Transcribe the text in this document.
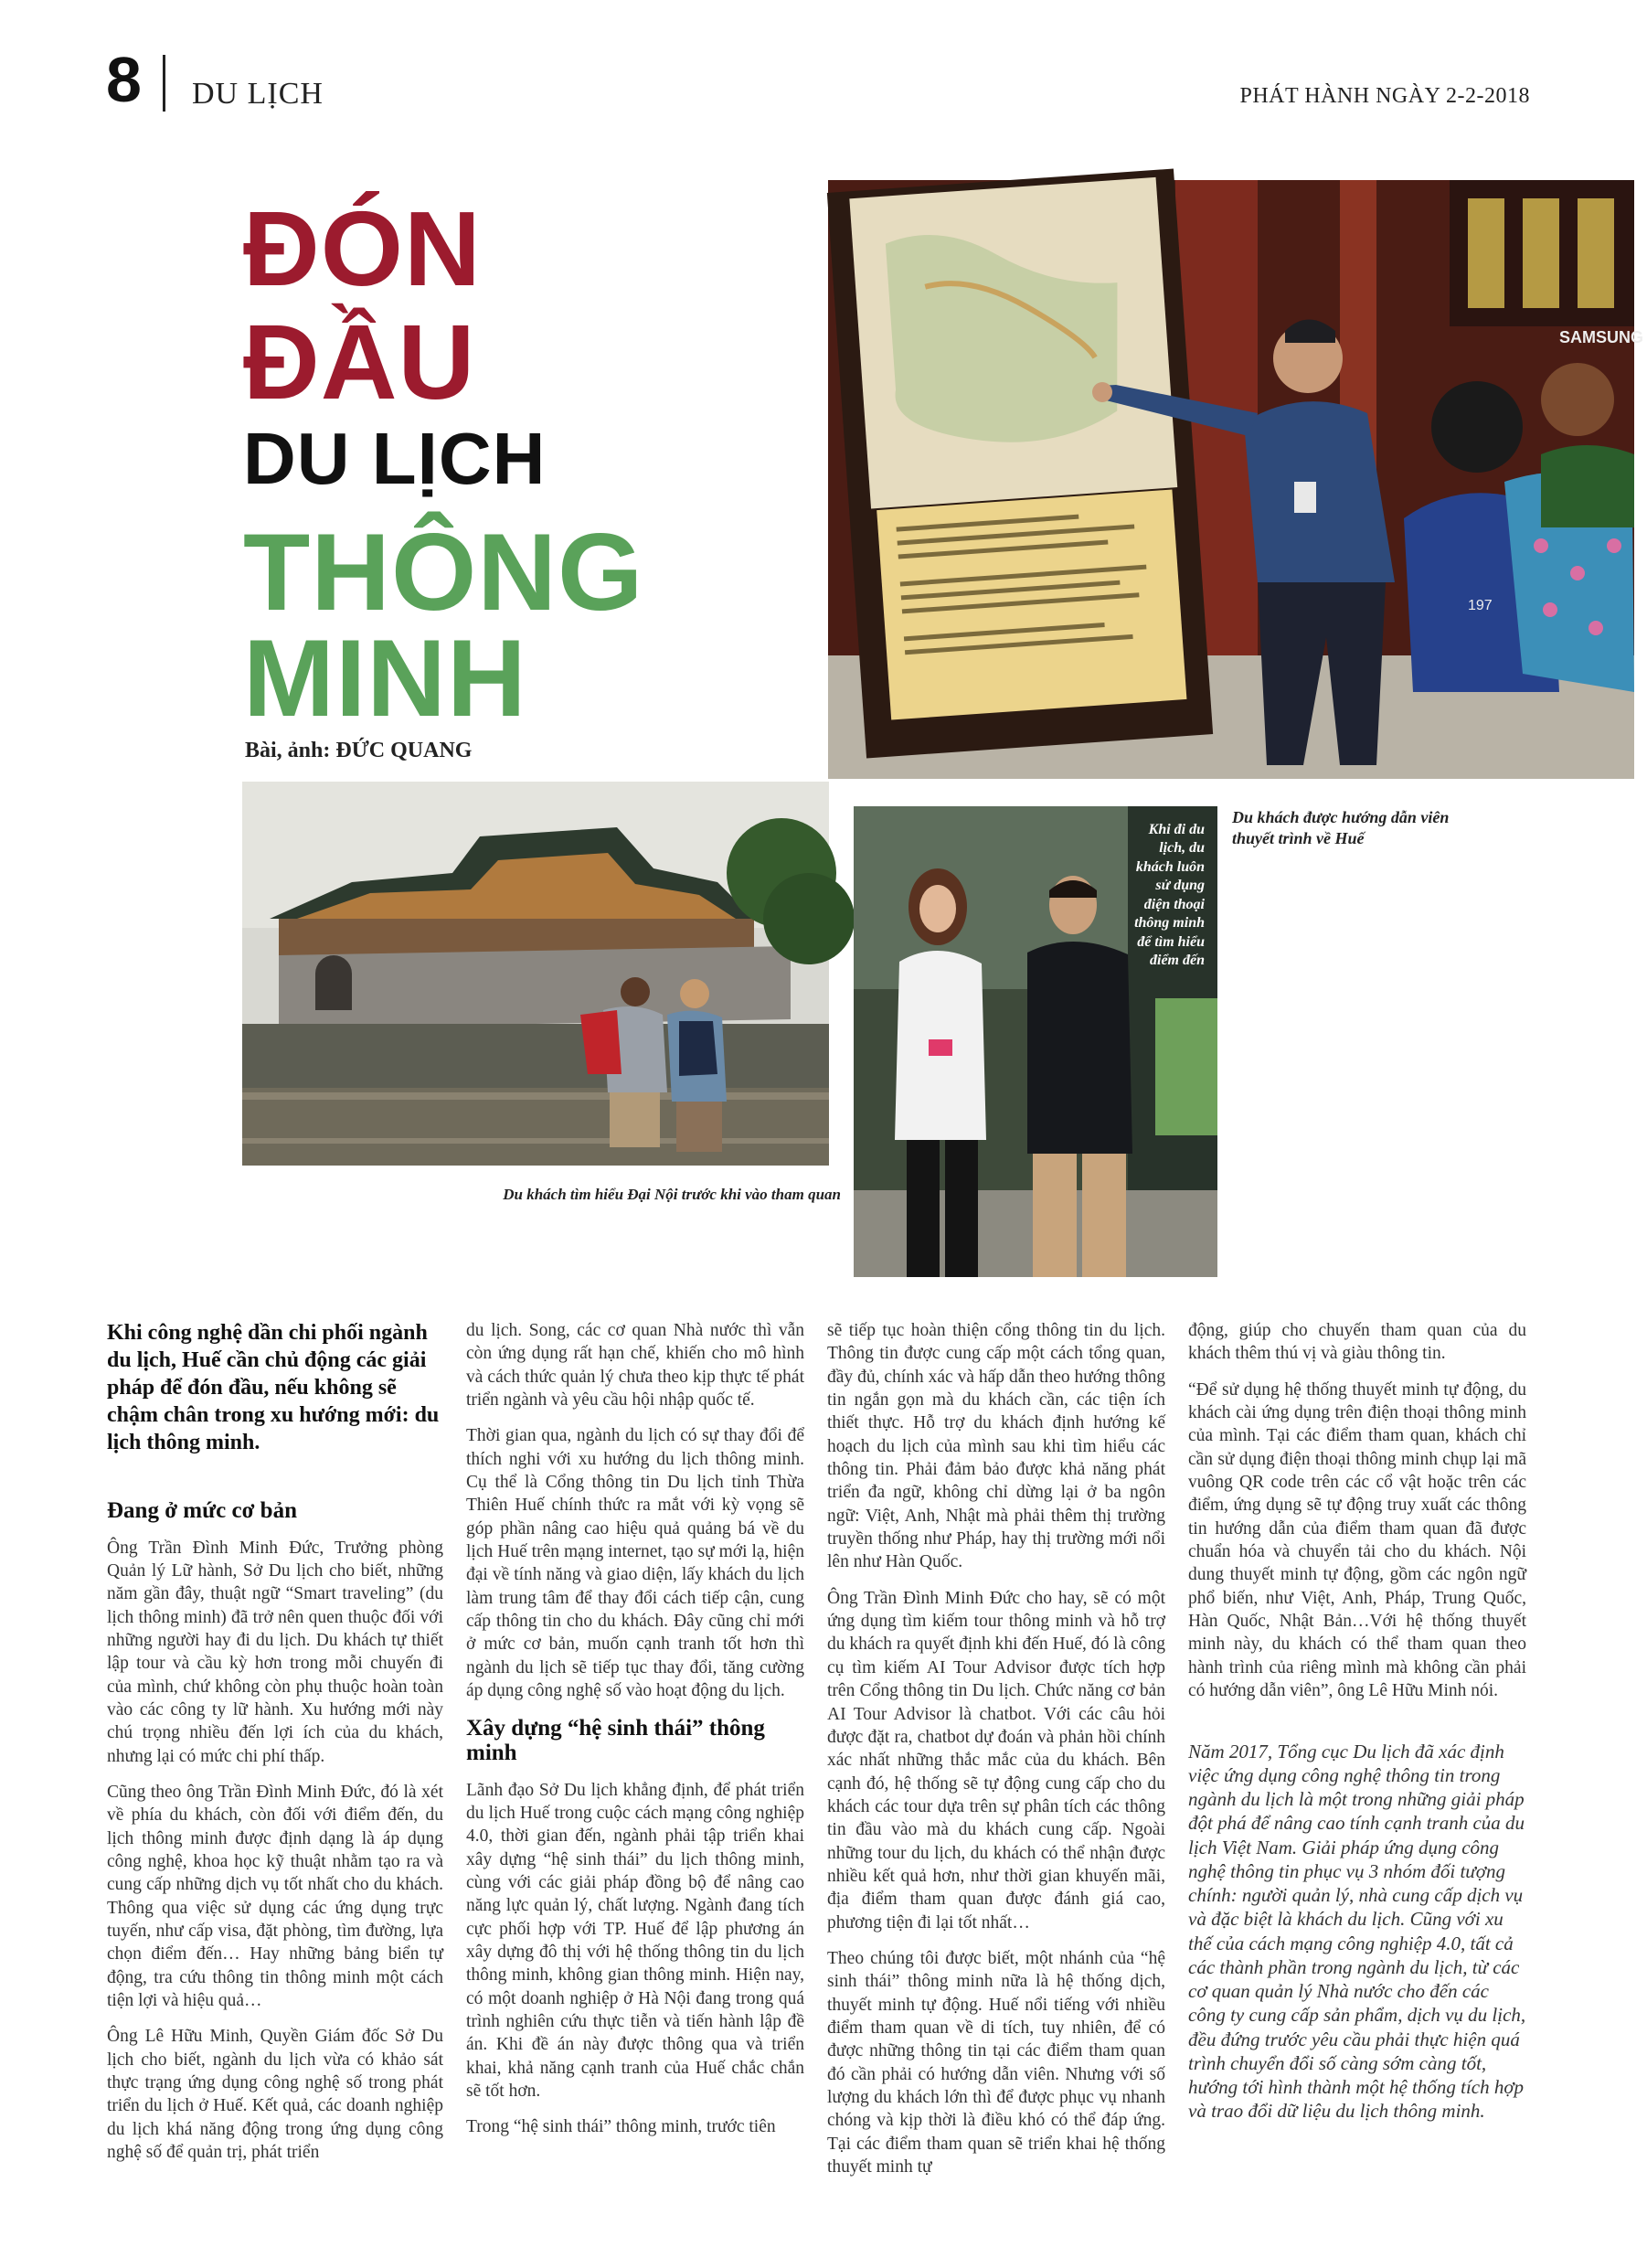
8 DU LỊCH	PHÁT HÀNH NGÀY 2-2-2018
ĐÓN
ĐẦU
DU LỊCH
THÔNG
MINH
Bài, ảnh: ĐỨC QUANG
197
SAMSUNG
Khi đi du lịch, du khách luôn sử dụng điện thoại thông minh để tìm hiểu điểm đến
Du khách được hướng dẫn viên thuyết trình về Huế
Du khách tìm hiểu Đại Nội trước khi vào tham quan

Khi công nghệ dần chi phối ngành du lịch, Huế cần chủ động các giải pháp để đón đầu, nếu không sẽ chậm chân trong xu hướng mới: du lịch thông minh.

Đang ở mức cơ bản

Ông Trần Đình Minh Đức, Trưởng phòng Quản lý Lữ hành, Sở Du lịch cho biết, những năm gần đây, thuật ngữ “Smart traveling” (du lịch thông minh) đã trở nên quen thuộc đối với những người hay đi du lịch. Du khách tự thiết lập tour và cầu kỳ hơn trong mỗi chuyến đi của mình, chứ không còn phụ thuộc hoàn toàn vào các công ty lữ hành. Xu hướng mới này chú trọng nhiều đến lợi ích của du khách, nhưng lại có mức chi phí thấp.

Cũng theo ông Trần Đình Minh Đức, đó là xét về phía du khách, còn đối với điểm đến, du lịch thông minh được định dạng là áp dụng công nghệ, khoa học kỹ thuật nhằm tạo ra và cung cấp những dịch vụ tốt nhất cho du khách. Thông qua việc sử dụng các ứng dụng trực tuyến, như cấp visa, đặt phòng, tìm đường, lựa chọn điểm đến… Hay những bảng biển tự động, tra cứu thông tin thông minh một cách tiện lợi và hiệu quả…

Ông Lê Hữu Minh, Quyền Giám đốc Sở Du lịch cho biết, ngành du lịch vừa có khảo sát thực trạng ứng dụng công nghệ số trong phát triển du lịch ở Huế. Kết quả, các doanh nghiệp du lịch khá năng động trong ứng dụng công nghệ số để quản trị, phát triển

du lịch. Song, các cơ quan Nhà nước thì vẫn còn ứng dụng rất hạn chế, khiến cho mô hình và cách thức quản lý chưa theo kịp thực tế phát triển ngành và yêu cầu hội nhập quốc tế.

Thời gian qua, ngành du lịch có sự thay đổi để thích nghi với xu hướng du lịch thông minh. Cụ thể là Cổng thông tin Du lịch tỉnh Thừa Thiên Huế chính thức ra mắt với kỳ vọng sẽ góp phần nâng cao hiệu quả quảng bá về du lịch Huế trên mạng internet, tạo sự mới lạ, hiện đại về tính năng và giao diện, lấy khách du lịch làm trung tâm để thay đổi cách tiếp cận, cung cấp thông tin cho du khách. Đây cũng chỉ mới ở mức cơ bản, muốn cạnh tranh tốt hơn thì ngành du lịch sẽ tiếp tục thay đổi, tăng cường áp dụng công nghệ số vào hoạt động du lịch.

Xây dựng “hệ sinh thái” thông minh

Lãnh đạo Sở Du lịch khẳng định, để phát triển du lịch Huế trong cuộc cách mạng công nghiệp 4.0, thời gian đến, ngành phải tập triển khai xây dựng “hệ sinh thái” du lịch thông minh, cùng với các giải pháp đồng bộ để nâng cao năng lực quản lý, chất lượng. Ngành đang tích cực phối hợp với TP. Huế để lập phương án xây dựng đô thị với hệ thống thông tin du lịch thông minh, không gian thông minh. Hiện nay, có một doanh nghiệp ở Hà Nội đang trong quá trình nghiên cứu thực tiễn và tiến hành lập đề án. Khi đề án này được thông qua và triển khai, khả năng cạnh tranh của Huế chắc chắn sẽ tốt hơn.

Trong “hệ sinh thái” thông minh, trước tiên

sẽ tiếp tục hoàn thiện cổng thông tin du lịch. Thông tin được cung cấp một cách tổng quan, đầy đủ, chính xác và hấp dẫn theo hướng thông tin ngắn gọn mà du khách cần, các tiện ích thiết thực. Hỗ trợ du khách định hướng kế hoạch du lịch của mình sau khi tìm hiểu các thông tin. Phải đảm bảo được khả năng phát triển đa ngữ, không chỉ dừng lại ở ba ngôn ngữ: Việt, Anh, Nhật mà phải thêm thị trường truyền thống như Pháp, hay thị trường mới nổi lên như Hàn Quốc.

Ông Trần Đình Minh Đức cho hay, sẽ có một ứng dụng tìm kiếm tour thông minh và hỗ trợ du khách ra quyết định khi đến Huế, đó là công cụ tìm kiếm AI Tour Advisor được tích hợp trên Cổng thông tin Du lịch. Chức năng cơ bản AI Tour Advisor là chatbot. Với các câu hỏi được đặt ra, chatbot dự đoán và phản hồi chính xác nhất những thắc mắc của du khách. Bên cạnh đó, hệ thống sẽ tự động cung cấp cho du khách các tour dựa trên sự phân tích các thông tin đầu vào mà du khách cung cấp. Ngoài những tour du lịch, du khách có thể nhận được nhiều kết quả hơn, như thời gian khuyến mãi, địa điểm tham quan được đánh giá cao, phương tiện đi lại tốt nhất…

Theo chúng tôi được biết, một nhánh của “hệ sinh thái” thông minh nữa là hệ thống dịch, thuyết minh tự động. Huế nổi tiếng với nhiều điểm tham quan về di tích, tuy nhiên, để có được những thông tin tại các điểm tham quan đó cần phải có hướng dẫn viên. Nhưng với số lượng du khách lớn thì để được phục vụ nhanh chóng và kịp thời là điều khó có thể đáp ứng. Tại các điểm tham quan sẽ triển khai hệ thống thuyết minh tự

động, giúp cho chuyến tham quan của du khách thêm thú vị và giàu thông tin.

“Để sử dụng hệ thống thuyết minh tự động, du khách cài ứng dụng trên điện thoại thông minh của mình. Tại các điểm tham quan, khách chỉ cần sử dụng điện thoại thông minh chụp lại mã vuông QR code trên các cổ vật hoặc trên các điểm, ứng dụng sẽ tự động truy xuất các thông tin hướng dẫn của điểm tham quan đã được chuẩn hóa và chuyển tải cho du khách. Nội dung thuyết minh tự động, gồm các ngôn ngữ phổ biến, như Việt, Anh, Pháp, Trung Quốc, Hàn Quốc, Nhật Bản…Với hệ thống thuyết minh này, du khách có thể tham quan theo hành trình của riêng mình mà không cần phải có hướng dẫn viên”, ông Lê Hữu Minh nói.

Năm 2017, Tổng cục Du lịch đã xác định việc ứng dụng công nghệ thông tin trong ngành du lịch là một trong những giải pháp đột phá để nâng cao tính cạnh tranh của du lịch Việt Nam. Giải pháp ứng dụng công nghệ thông tin phục vụ 3 nhóm đối tượng chính: người quản lý, nhà cung cấp dịch vụ và đặc biệt là khách du lịch. Cũng với xu thế của cách mạng công nghiệp 4.0, tất cả các thành phần trong ngành du lịch, từ các cơ quan quản lý Nhà nước cho đến các công ty cung cấp sản phẩm, dịch vụ du lịch, đều đứng trước yêu cầu phải thực hiện quá trình chuyển đổi số càng sớm càng tốt, hướng tới hình thành một hệ thống tích hợp và trao đổi dữ liệu du lịch thông minh.
